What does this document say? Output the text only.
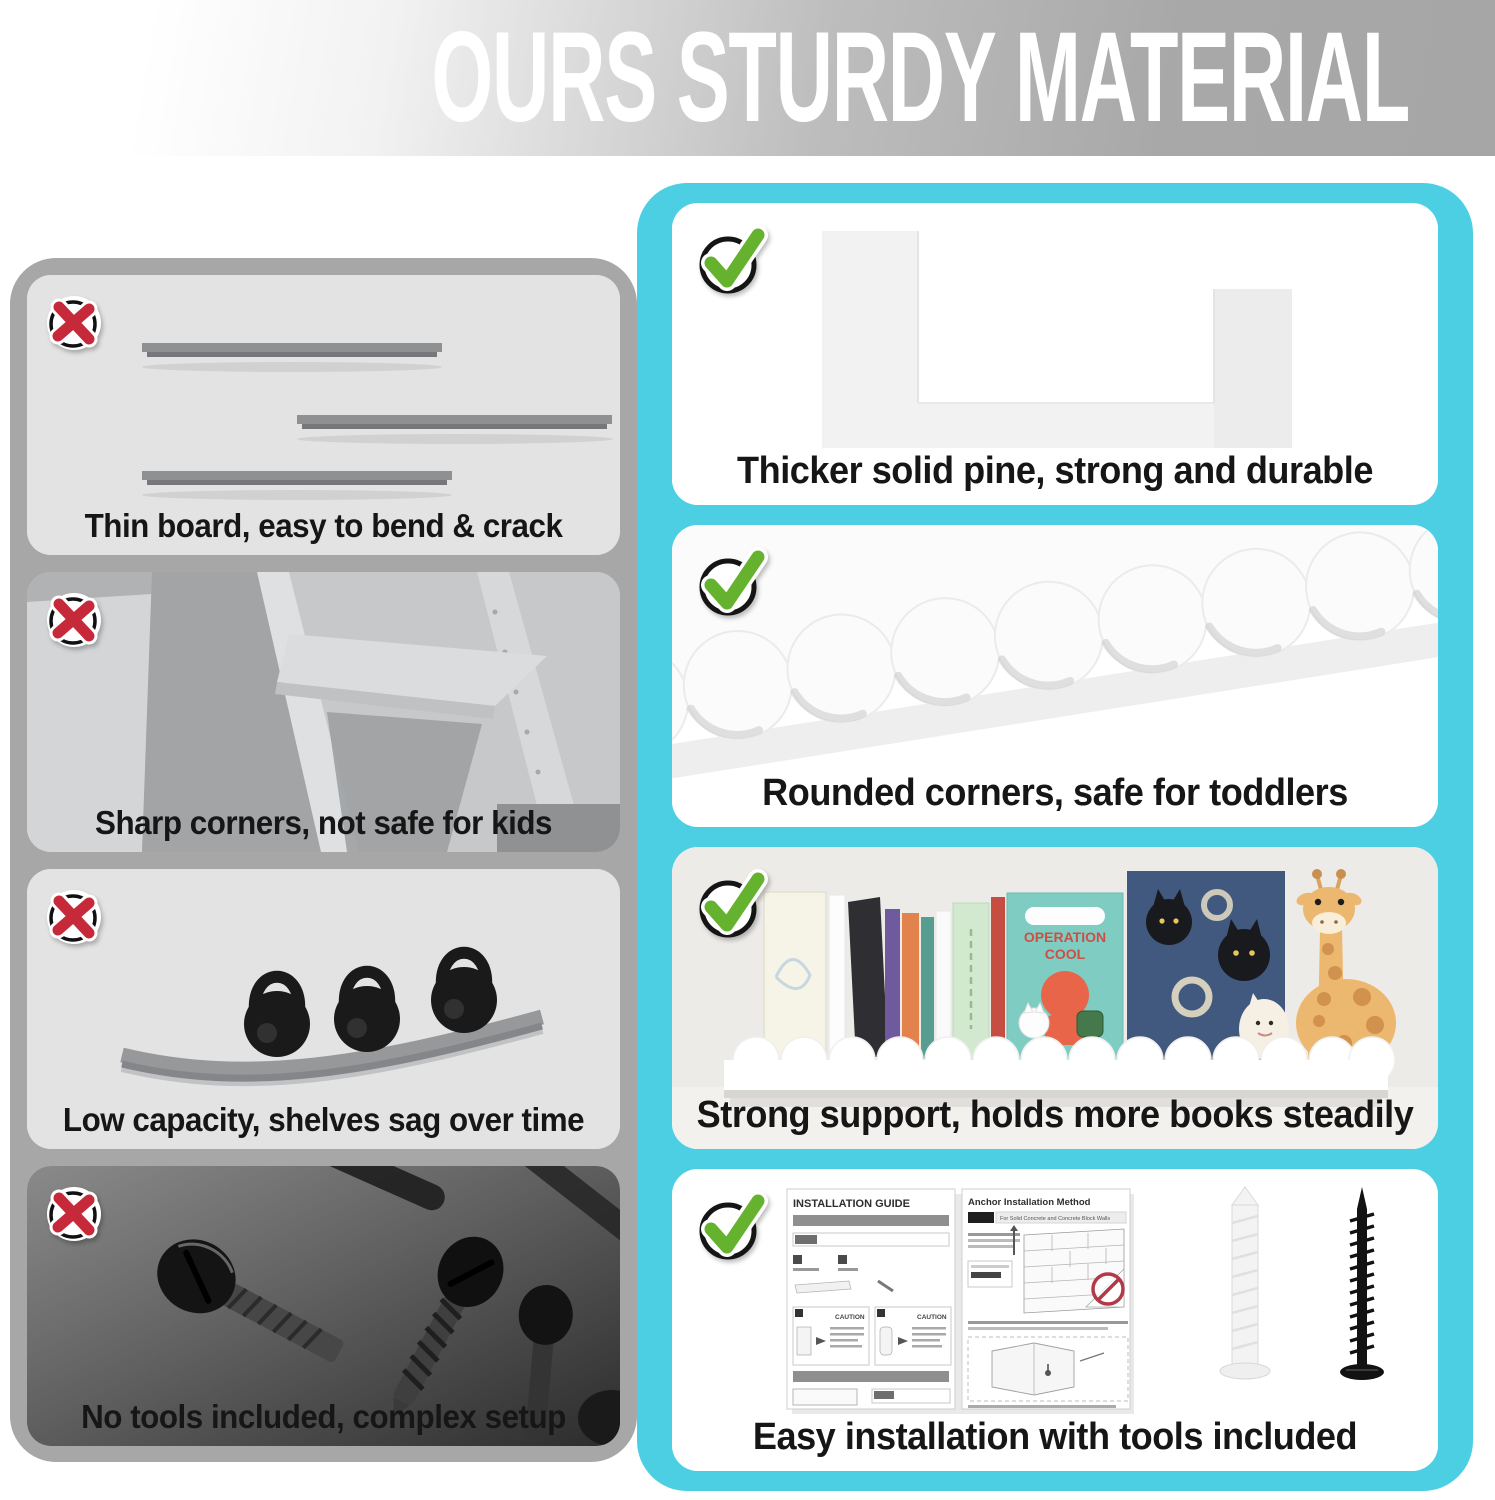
OURS STURDY MATERIAL
Thin board, easy to bend & crack
Sharp corners, not safe for kids
Low capacity, shelves sag over time
No tools included, complex setup
Thicker solid pine, strong and durable
Rounded corners, safe for toddlers
OPERATION
COOL
Strong support, holds more books steadily
INSTALLATION GUIDE
CAUTION	CAUTION
Anchor Installation Method
For Solid Concrete and Concrete Block Walls
Easy installation with tools included
